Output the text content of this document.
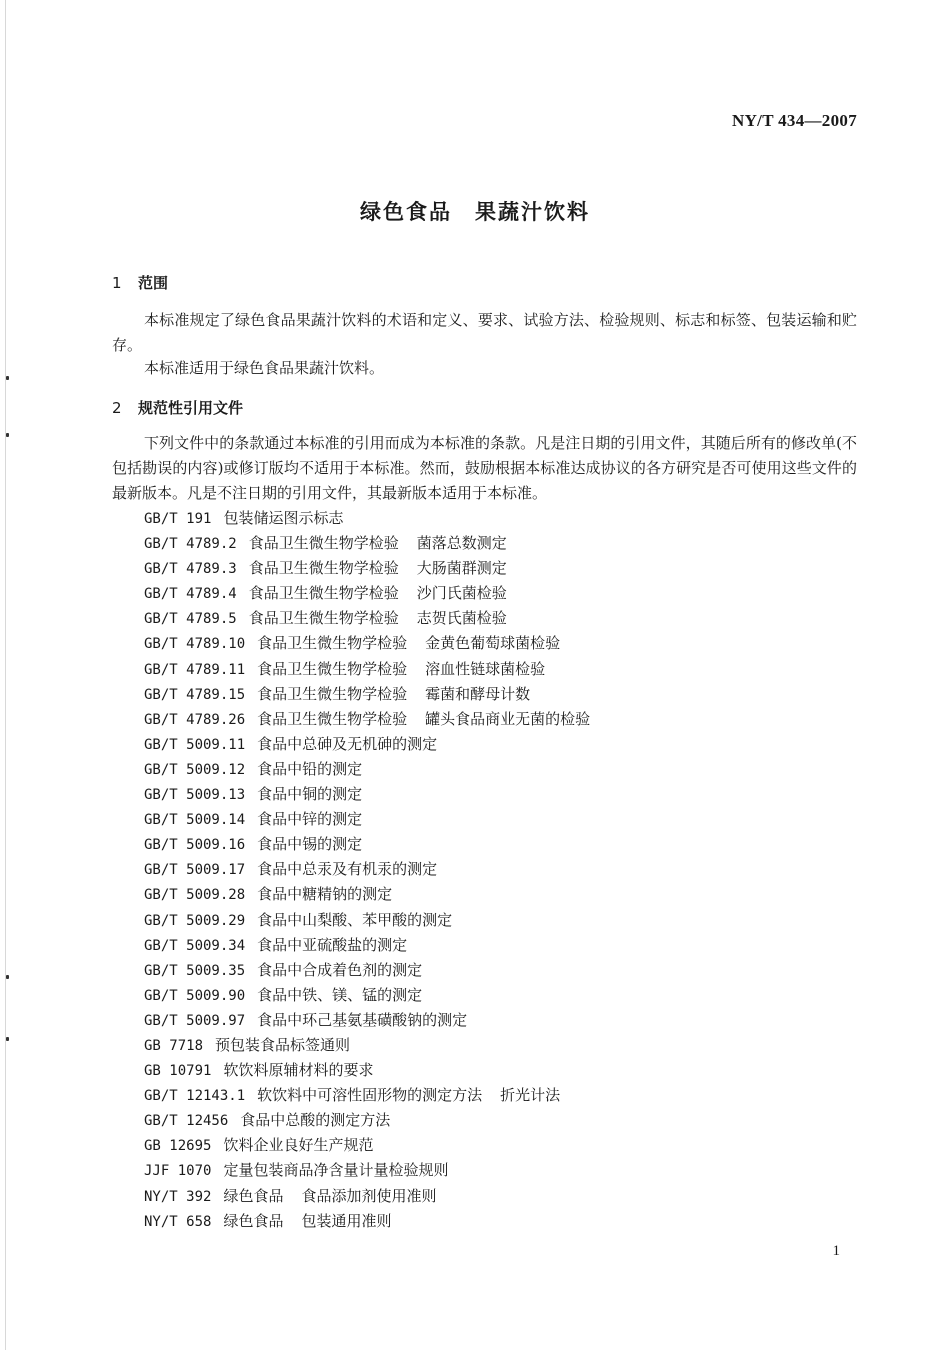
NY/T 434—2007
绿色食品　果蔬汁饮料
1 范围
本标准规定了绿色食品果蔬汁饮料的术语和定义、要求、试验方法、检验规则、标志和标签、包装运输和贮存。
本标准适用于绿色食品果蔬汁饮料。
2 规范性引用文件
下列文件中的条款通过本标准的引用而成为本标准的条款。凡是注日期的引用文件，其随后所有的修改单(不包括勘误的内容)或修订版均不适用于本标准。然而，鼓励根据本标准达成协议的各方研究是否可使用这些文件的最新版本。凡是不注日期的引用文件，其最新版本适用于本标准。
GB/T 191 包装储运图示标志
GB/T 4789.2 食品卫生微生物学检验 菌落总数测定
GB/T 4789.3 食品卫生微生物学检验 大肠菌群测定
GB/T 4789.4 食品卫生微生物学检验 沙门氏菌检验
GB/T 4789.5 食品卫生微生物学检验 志贺氏菌检验
GB/T 4789.10 食品卫生微生物学检验 金黄色葡萄球菌检验
GB/T 4789.11 食品卫生微生物学检验 溶血性链球菌检验
GB/T 4789.15 食品卫生微生物学检验 霉菌和酵母计数
GB/T 4789.26 食品卫生微生物学检验 罐头食品商业无菌的检验
GB/T 5009.11 食品中总砷及无机砷的测定
GB/T 5009.12 食品中铅的测定
GB/T 5009.13 食品中铜的测定
GB/T 5009.14 食品中锌的测定
GB/T 5009.16 食品中锡的测定
GB/T 5009.17 食品中总汞及有机汞的测定
GB/T 5009.28 食品中糖精钠的测定
GB/T 5009.29 食品中山梨酸、苯甲酸的测定
GB/T 5009.34 食品中亚硫酸盐的测定
GB/T 5009.35 食品中合成着色剂的测定
GB/T 5009.90 食品中铁、镁、锰的测定
GB/T 5009.97 食品中环己基氨基磺酸钠的测定
GB 7718 预包装食品标签通则
GB 10791 软饮料原辅材料的要求
GB/T 12143.1 软饮料中可溶性固形物的测定方法 折光计法
GB/T 12456 食品中总酸的测定方法
GB 12695 饮料企业良好生产规范
JJF 1070 定量包装商品净含量计量检验规则
NY/T 392 绿色食品 食品添加剂使用准则
NY/T 658 绿色食品 包装通用准则
1
